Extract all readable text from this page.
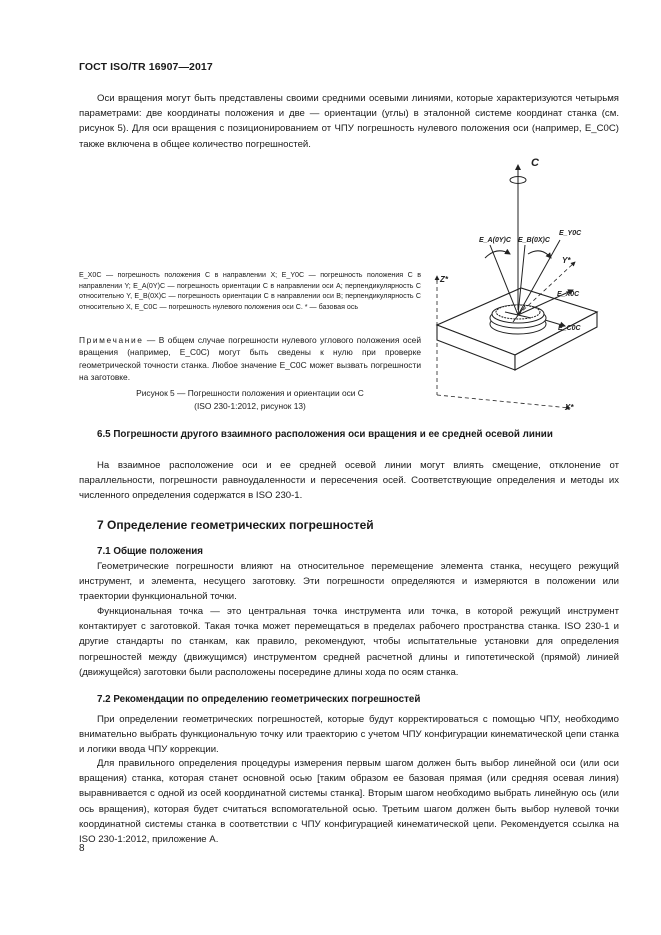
ГОСТ ISO/TR 16907—2017
Оси вращения могут быть представлены своими средними осевыми линиями, которые характеризуются четырьмя параметрами: две координаты положения и две — ориентации (углы) в эталонной системе координат станка (см. рисунок 5). Для оси вращения с позиционированием от ЧПУ погрешность нулевого положения оси (например, E_C0C) также включена в общее количество погрешностей.
C
Z*
Y*
X*
E_A(0Y)C E_B(0X)C
E_Y0C
E_X0C
E_C0C
E_X0C — погрешность положения C в направлении X; E_Y0C — погрешность положения C в направлении Y; E_A(0Y)C — погрешность ориентации C в направлении оси A; перпендикулярность C относительно Y, E_B(0X)C — погрешность ориентации C в направлении оси B; перпендикулярность C относительно X, E_C0C — погрешность нулевого положения оси C. * — базовая ось
Примечание — В общем случае погрешности нулевого углового положения осей вращения (например, E_C0C) могут быть сведены к нулю при проверке геометрической точности станка. Любое значение E_C0C может вызвать погрешности на заготовке.
Рисунок 5 — Погрешности положения и ориентации оси C
(ISO 230-1:2012, рисунок 13)
6.5 Погрешности другого взаимного расположения оси вращения и ее средней осевой линии
На взаимное расположение оси и ее средней осевой линии могут влиять смещение, отклонение от параллельности, погрешности равноудаленности и пересечения осей. Соответствующие определения и методы их численного определения содержатся в ISO 230-1.
7 Определение геометрических погрешностей
7.1 Общие положения
Геометрические погрешности влияют на относительное перемещение элемента станка, несущего режущий инструмент, и элемента, несущего заготовку. Эти погрешности определяются и измеряются в положении или траектории функциональной точки.
Функциональная точка — это центральная точка инструмента или точка, в которой режущий инструмент контактирует с заготовкой. Такая точка может перемещаться в пределах рабочего пространства станка. ISO 230-1 и другие стандарты по станкам, как правило, рекомендуют, чтобы испытательные установки для определения погрешностей между (движущимся) инструментом средней расчетной длины и гипотетической (прямой) линией (движущейся) заготовки были расположены посередине длины хода по осям станка.
7.2 Рекомендации по определению геометрических погрешностей
При определении геометрических погрешностей, которые будут корректироваться с помощью ЧПУ, необходимо внимательно выбрать функциональную точку или траекторию с учетом ЧПУ конфигурации кинематической цепи станка и логики ввода ЧПУ коррекции.
Для правильного определения процедуры измерения первым шагом должен быть выбор линейной оси (или оси вращения) станка, которая станет основной осью [таким образом ее базовая прямая (или средняя осевая линия) выравнивается с одной из осей координатной системы станка]. Вторым шагом необходимо выбрать линейную ось (или ось вращения), которая будет считаться вспомогательной осью. Третьим шагом должен быть выбор нулевой точки координатной системы станка в соответствии с ЧПУ конфигурацией кинематической цепи. Рекомендуется ссылка на ISO 230-1:2012, приложение A.
8
